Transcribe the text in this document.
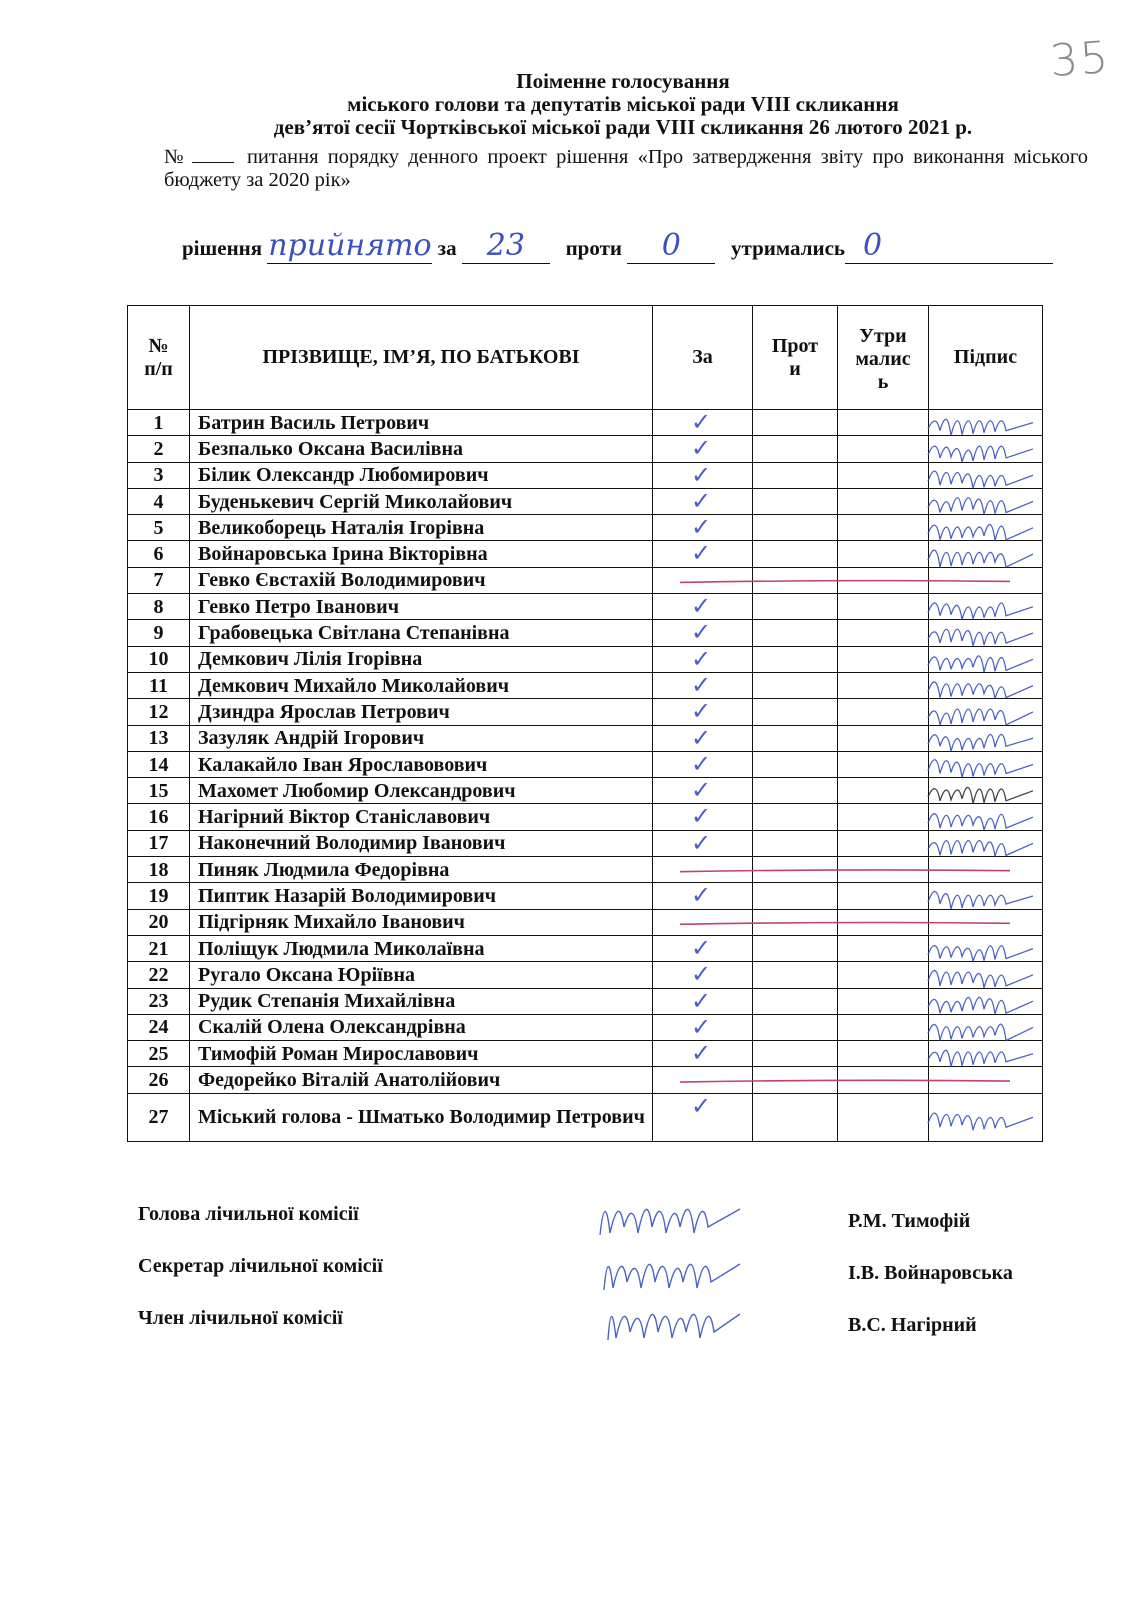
35
Поіменне голосування
міського голови та депутатів міської ради VIII скликання
дев’ятої сесії Чортківської міської ради VIII скликання 26 лютого 2021 р.
№	питання порядку денного проект рішення «Про затвердження звіту про виконання міського бюджету за 2020 рік»
рішення прийнято за 23 проти 0 утримались 0
№ п/п	ПРІЗВИЩЕ, ІМ’Я, ПО БАТЬКОВІ	За	Проти	Утримались	Підпис
1	Батрин Василь Петрович	✓			

2	Безпалько Оксана Василівна	✓			

3	Білик Олександр Любомирович	✓			

4	Буденькевич Сергій Миколайович	✓			

5	Великоборець Наталія Ігорівна	✓			

6	Войнаровська Ірина Вікторівна	✓			

7	Гевко Євстахій Володимирович				
8	Гевко Петро Іванович	✓			

9	Грабовецька Світлана Степанівна	✓			

10	Демкович Лілія Ігорівна	✓			

11	Демкович Михайло Миколайович	✓			

12	Дзиндра Ярослав Петрович	✓			

13	Зазуляк Андрій Ігорович	✓			

14	Калакайло Іван Ярославовович	✓			

15	Махомет Любомир Олександрович	✓			

16	Нагірний Віктор Станіславович	✓			

17	Наконечний Володимир Іванович	✓			

18	Пиняк Людмила Федорівна				
19	Пиптик Назарій Володимирович	✓			

20	Підгірняк Михайло Іванович				
21	Поліщук Людмила Миколаївна	✓			

22	Ругало Оксана Юріївна	✓			

23	Рудик Степанія Михайлівна	✓			

24	Скалій Олена Олександрівна	✓			

25	Тимофій Роман Мирославович	✓			

26	Федорейко Віталій Анатолійович				
27	Міський голова - Шматько Володимир Петрович	✓			

Голова лічильної комісії	Р.М. Тимофій
Секретар лічильної комісії	І.В. Войнаровська
Член лічильної комісії	В.С. Нагірний
